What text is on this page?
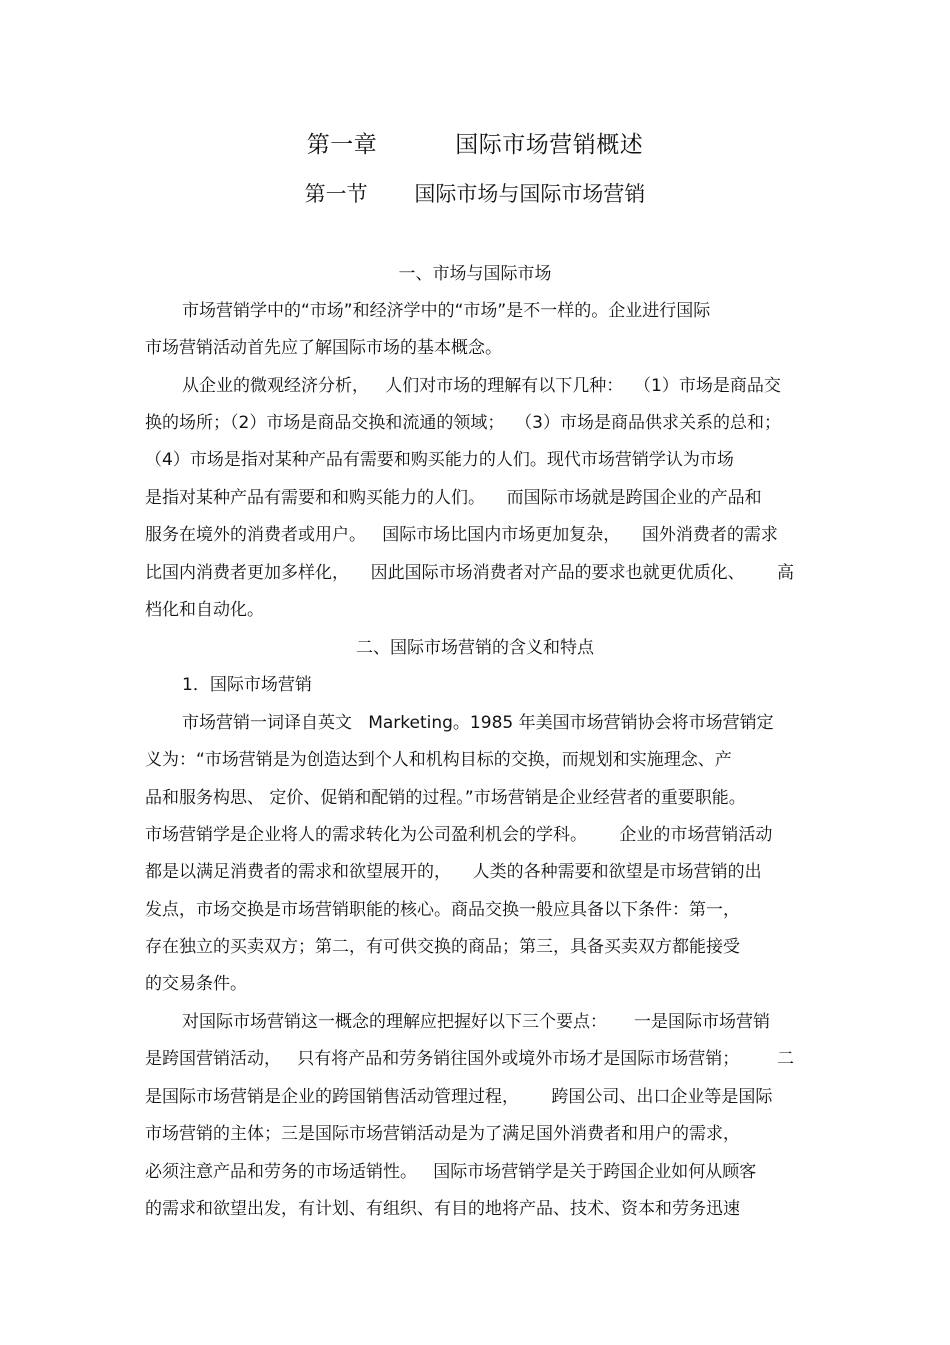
第一章          国际市场营销概述
第一节       国际市场与国际市场营销

一、市场与国际市场

市场营销学中的“市场”和经济学中的“市场”是不一样的。企业进行国际

市场营销活动首先应了解国际市场的基本概念。

从企业的微观经济分析，   人们对市场的理解有以下几种：  （1）市场是商品交

换的场所；（2）市场是商品交换和流通的领域；  （3）市场是商品供求关系的总和；

（4）市场是指对某种产品有需要和购买能力的人们。现代市场营销学认为市场

是指对某种产品有需要和和购买能力的人们。    而国际市场就是跨国企业的产品和

服务在境外的消费者或用户。   国际市场比国内市场更加复杂，    国外消费者的需求

比国内消费者更加多样化，    因此国际市场消费者对产品的要求也就更优质化、      高

档化和自动化。

二、国际市场营销的含义和特点

1．国际市场营销

市场营销一词译自英文   Marketing。1985 年美国市场营销协会将市场营销定

义为：“市场营销是为创造达到个人和机构目标的交换，而规划和实施理念、产

品和服务构思、 定价、促销和配销的过程。”市场营销是企业经营者的重要职能。

市场营销学是企业将人的需求转化为公司盈利机会的学科。      企业的市场营销活动

都是以满足消费者的需求和欲望展开的，    人类的各种需要和欲望是市场营销的出

发点，市场交换是市场营销职能的核心。商品交换一般应具备以下条件：第一，

存在独立的买卖双方；第二，有可供交换的商品；第三，具备买卖双方都能接受

的交易条件。

对国际市场营销这一概念的理解应把握好以下三个要点：     一是国际市场营销

是跨国营销活动，   只有将产品和劳务销往国外或境外市场才是国际市场营销；       二

是国际市场营销是企业的跨国销售活动管理过程，      跨国公司、出口企业等是国际

市场营销的主体；三是国际市场营销活动是为了满足国外消费者和用户的需求，

必须注意产品和劳务的市场适销性。   国际市场营销学是关于跨国企业如何从顾客

的需求和欲望出发，有计划、有组织、有目的地将产品、技术、资本和劳务迅速
